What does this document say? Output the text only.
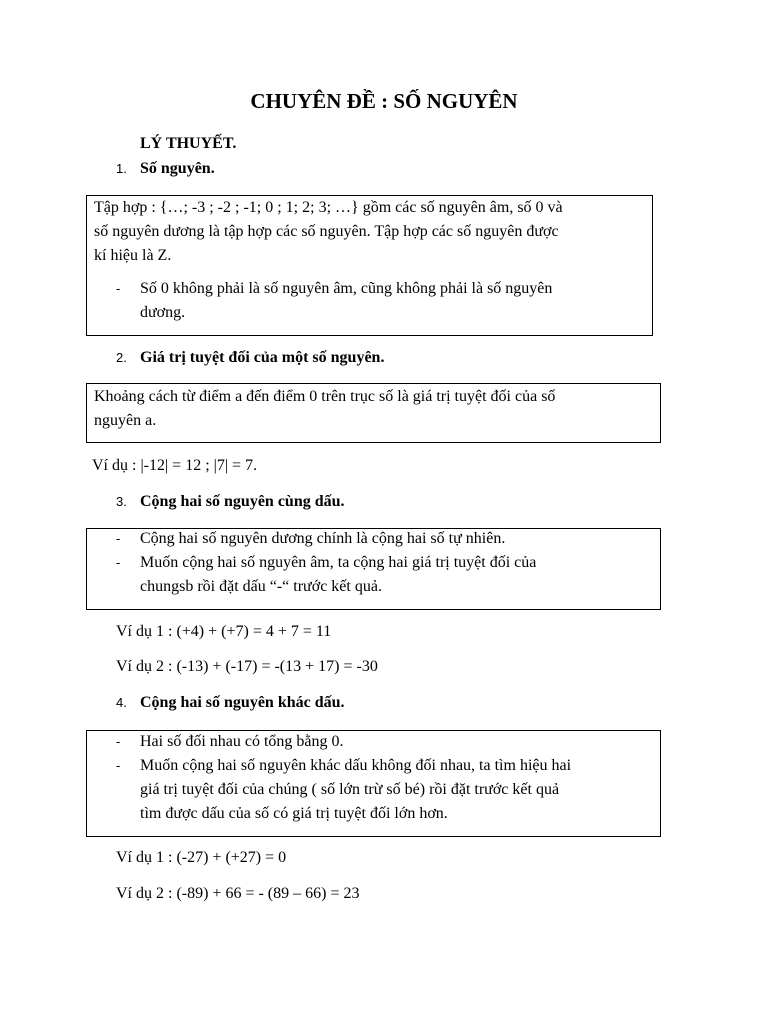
CHUYÊN ĐỀ : SỐ NGUYÊN
LÝ THUYẾT.
1. Số nguyên.
Tập hợp : {…; -3 ; -2 ; -1; 0 ; 1; 2; 3; …} gồm các số nguyên âm, số 0 và
số nguyên dương là tập hợp các số nguyên. Tập hợp các số nguyên được
kí hiệu là Z.
- Số 0 không phải là số nguyên âm, cũng không phải là số nguyên
dương.
2. Giá trị tuyệt đối của một số nguyên.
Khoảng cách từ điểm a đến điểm 0 trên trục số là giá trị tuyệt đối của số
nguyên a.
Ví dụ : |-12| = 12 ; |7| = 7.
3. Cộng hai số nguyên cùng dấu.
- Cộng hai số nguyên dương chính là cộng hai số tự nhiên.
- Muốn cộng hai số nguyên âm, ta cộng hai giá trị tuyệt đối của
chungsb rồi đặt dấu “-“ trước kết quả.
Ví dụ 1 : (+4) + (+7) = 4 + 7 = 11
Ví dụ 2 : (-13) + (-17) = -(13 + 17) = -30
4. Cộng hai số nguyên khác dấu.
- Hai số đối nhau có tổng bằng 0.
- Muốn cộng hai số nguyên khác dấu không đối nhau, ta tìm hiệu hai
giá trị tuyệt đối của chúng ( số lớn trừ số bé) rồi đặt trước kết quả
tìm được dấu của số có giá trị tuyệt đối lớn hơn.
Ví dụ 1 : (-27) + (+27) = 0
Ví dụ 2 : (-89) + 66 = - (89 – 66) = 23
